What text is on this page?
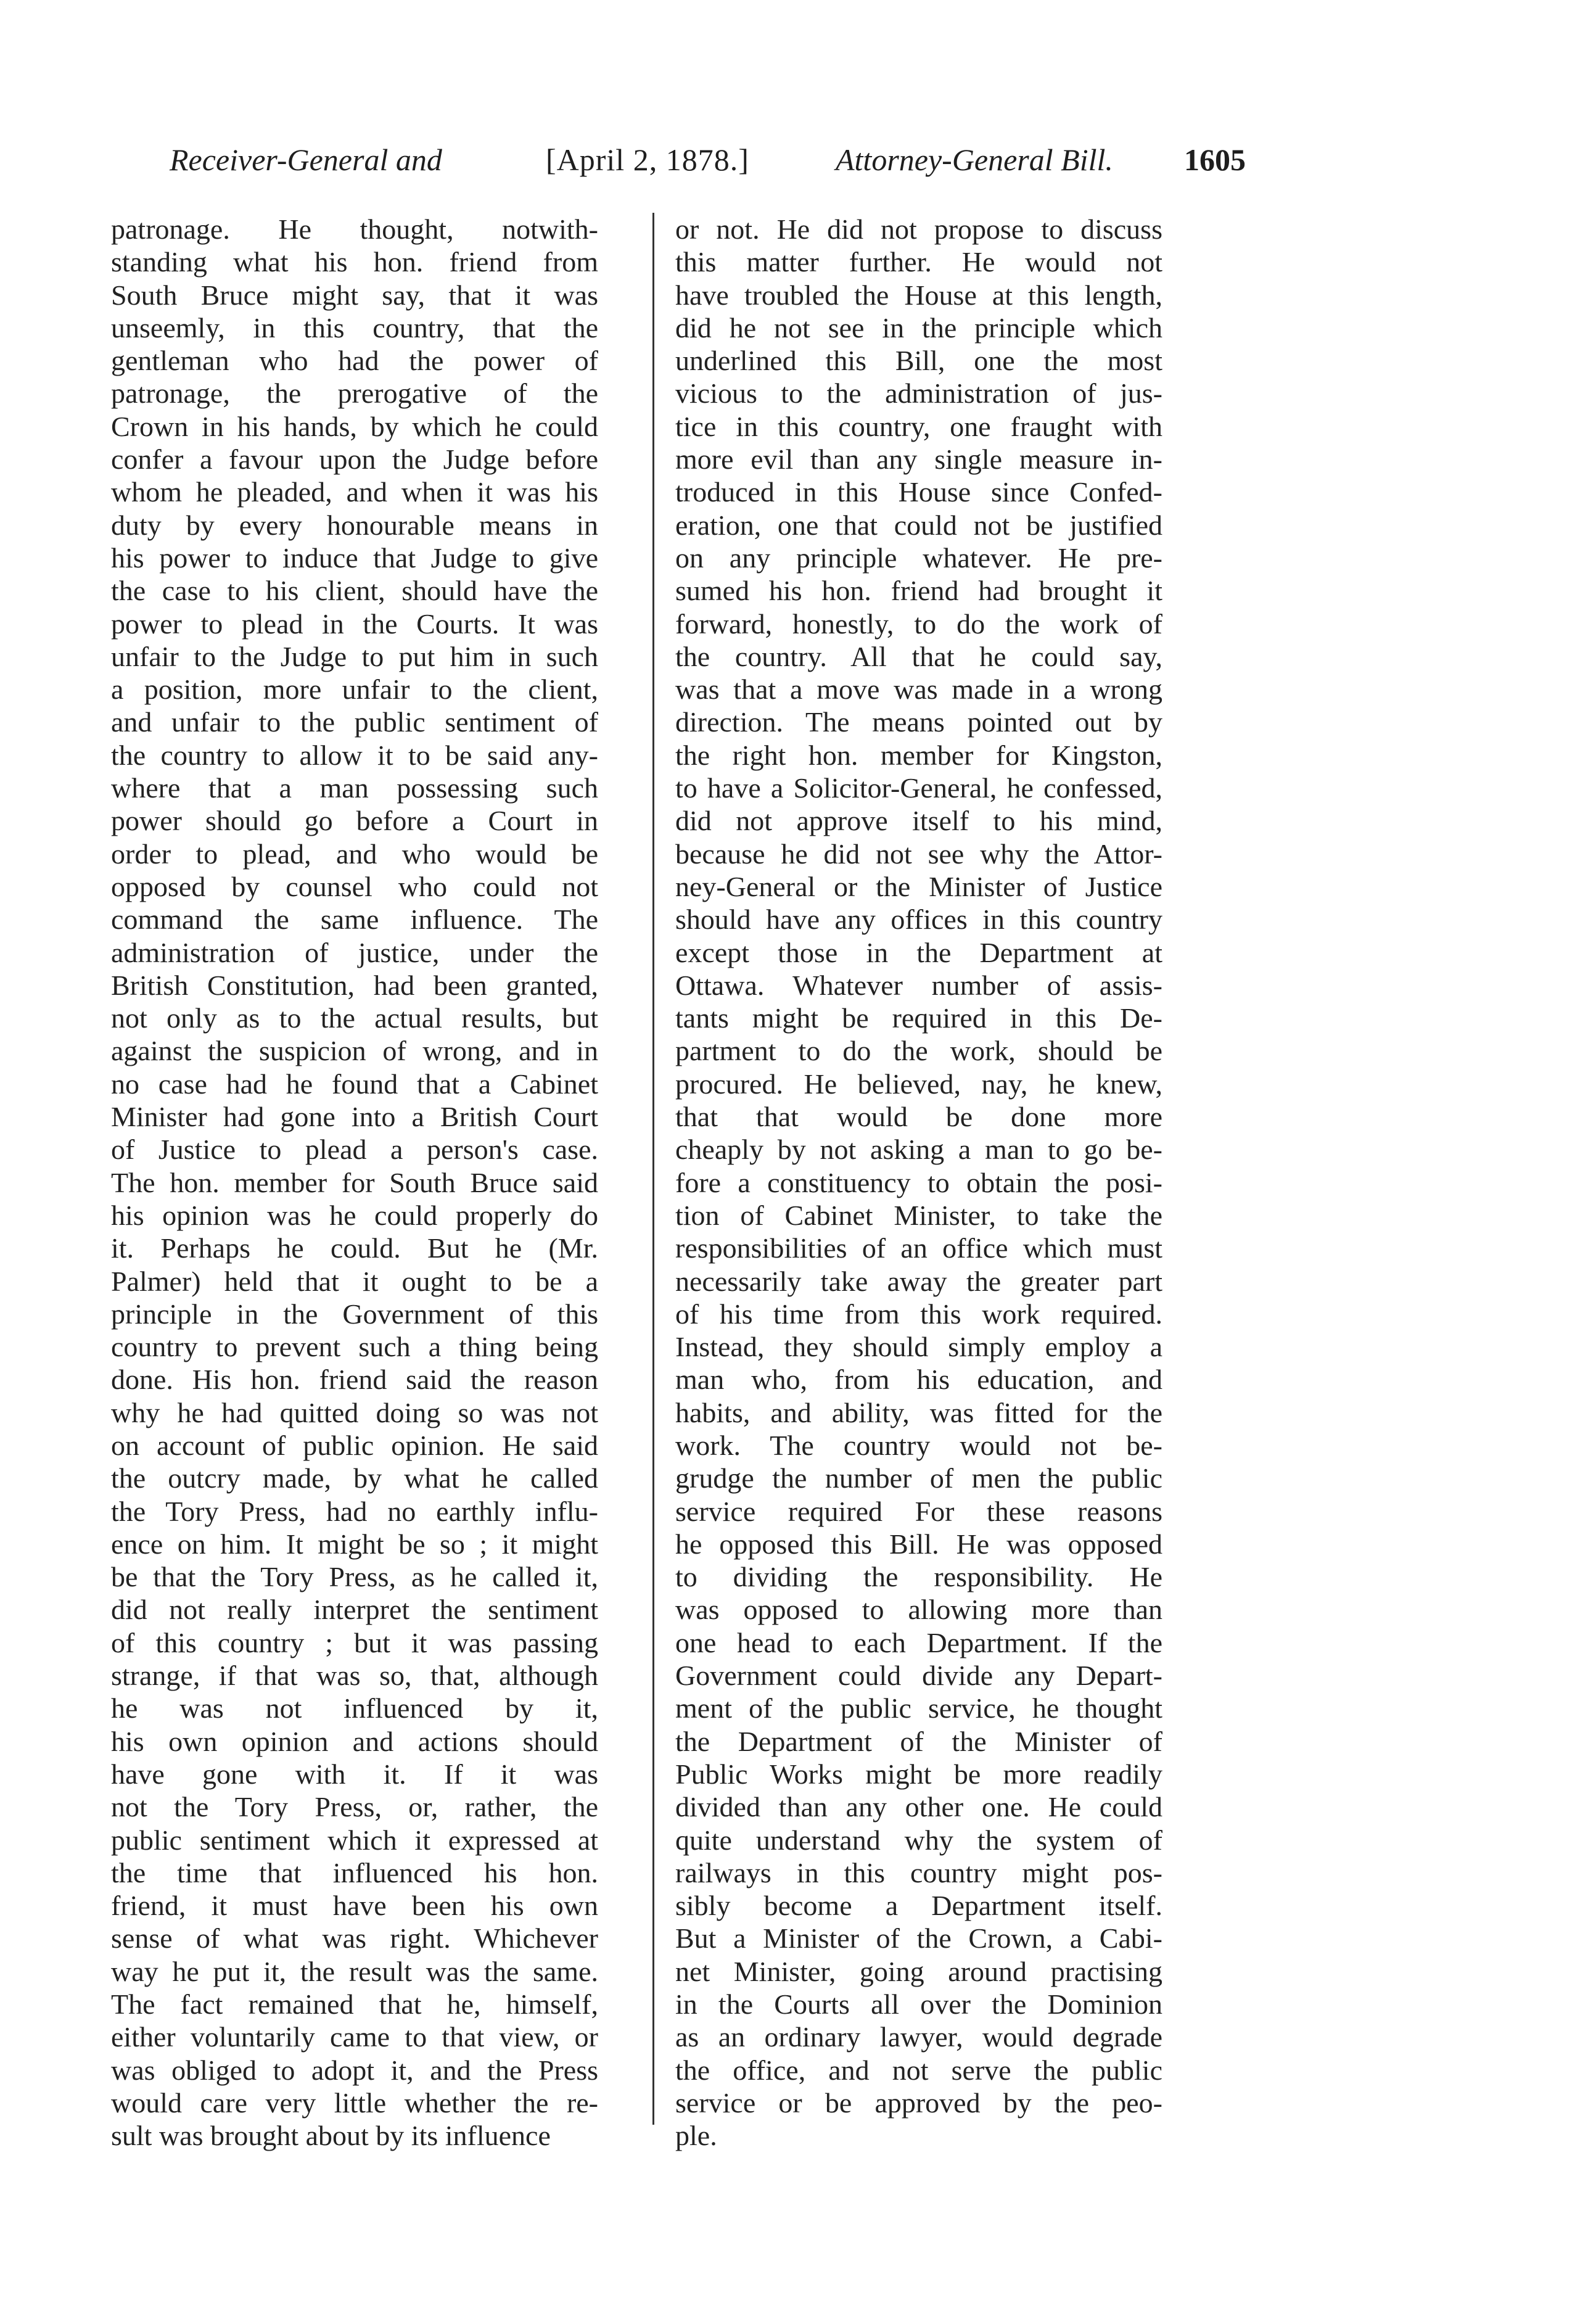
Receiver-General and	[April 2, 1878.]	Attorney-General Bill. 1605
patronage. He thought, notwith-
standing what his hon. friend from
South Bruce might say, that it was
unseemly, in this country, that the
gentleman who had the power of
patronage, the prerogative of the
Crown in his hands, by which he could
confer a favour upon the Judge before
whom he pleaded, and when it was his
duty by every honourable means in
his power to induce that Judge to give
the case to his client, should have the
power to plead in the Courts. It was
unfair to the Judge to put him in such
a position, more unfair to the client,
and unfair to the public sentiment of
the country to allow it to be said any-
where that a man possessing such
power should go before a Court in
order to plead, and who would be
opposed by counsel who could not
command the same influence. The
administration of justice, under the
British Constitution, had been granted,
not only as to the actual results, but
against the suspicion of wrong, and in
no case had he found that a Cabinet
Minister had gone into a British Court
of Justice to plead a person's case.
The hon. member for South Bruce said
his opinion was he could properly do
it. Perhaps he could. But he (Mr.
Palmer) held that it ought to be a
principle in the Government of this
country to prevent such a thing being
done. His hon. friend said the reason
why he had quitted doing so was not
on account of public opinion. He said
the outcry made, by what he called
the Tory Press, had no earthly influ-
ence on him. It might be so ; it might
be that the Tory Press, as he called it,
did not really interpret the sentiment
of this country ; but it was passing
strange, if that was so, that, although
he was not influenced by it,
his own opinion and actions should
have gone with it. If it was
not the Tory Press, or, rather, the
public sentiment which it expressed at
the time that influenced his hon.
friend, it must have been his own
sense of what was right. Whichever
way he put it, the result was the same.
The fact remained that he, himself,
either voluntarily came to that view, or
was obliged to adopt it, and the Press
would care very little whether the re-
sult was brought about by its influence
or not. He did not propose to discuss
this matter further. He would not
have troubled the House at this length,
did he not see in the principle which
underlined this Bill, one the most
vicious to the administration of jus-
tice in this country, one fraught with
more evil than any single measure in-
troduced in this House since Confed-
eration, one that could not be justified
on any principle whatever. He pre-
sumed his hon. friend had brought it
forward, honestly, to do the work of
the country. All that he could say,
was that a move was made in a wrong
direction. The means pointed out by
the right hon. member for Kingston,
to have a Solicitor-General, he confessed,
did not approve itself to his mind,
because he did not see why the Attor-
ney-General or the Minister of Justice
should have any offices in this country
except those in the Department at
Ottawa. Whatever number of assis-
tants might be required in this De-
partment to do the work, should be
procured. He believed, nay, he knew,
that that would be done more
cheaply by not asking a man to go be-
fore a constituency to obtain the posi-
tion of Cabinet Minister, to take the
responsibilities of an office which must
necessarily take away the greater part
of his time from this work required.
Instead, they should simply employ a
man who, from his education, and
habits, and ability, was fitted for the
work. The country would not be-
grudge the number of men the public
service required For these reasons
he opposed this Bill. He was opposed
to dividing the responsibility. He
was opposed to allowing more than
one head to each Department. If the
Government could divide any Depart-
ment of the public service, he thought
the Department of the Minister of
Public Works might be more readily
divided than any other one. He could
quite understand why the system of
railways in this country might pos-
sibly become a Department itself.
But a Minister of the Crown, a Cabi-
net Minister, going around practising
in the Courts all over the Dominion
as an ordinary lawyer, would degrade
the office, and not serve the public
service or be approved by the peo-
ple.
